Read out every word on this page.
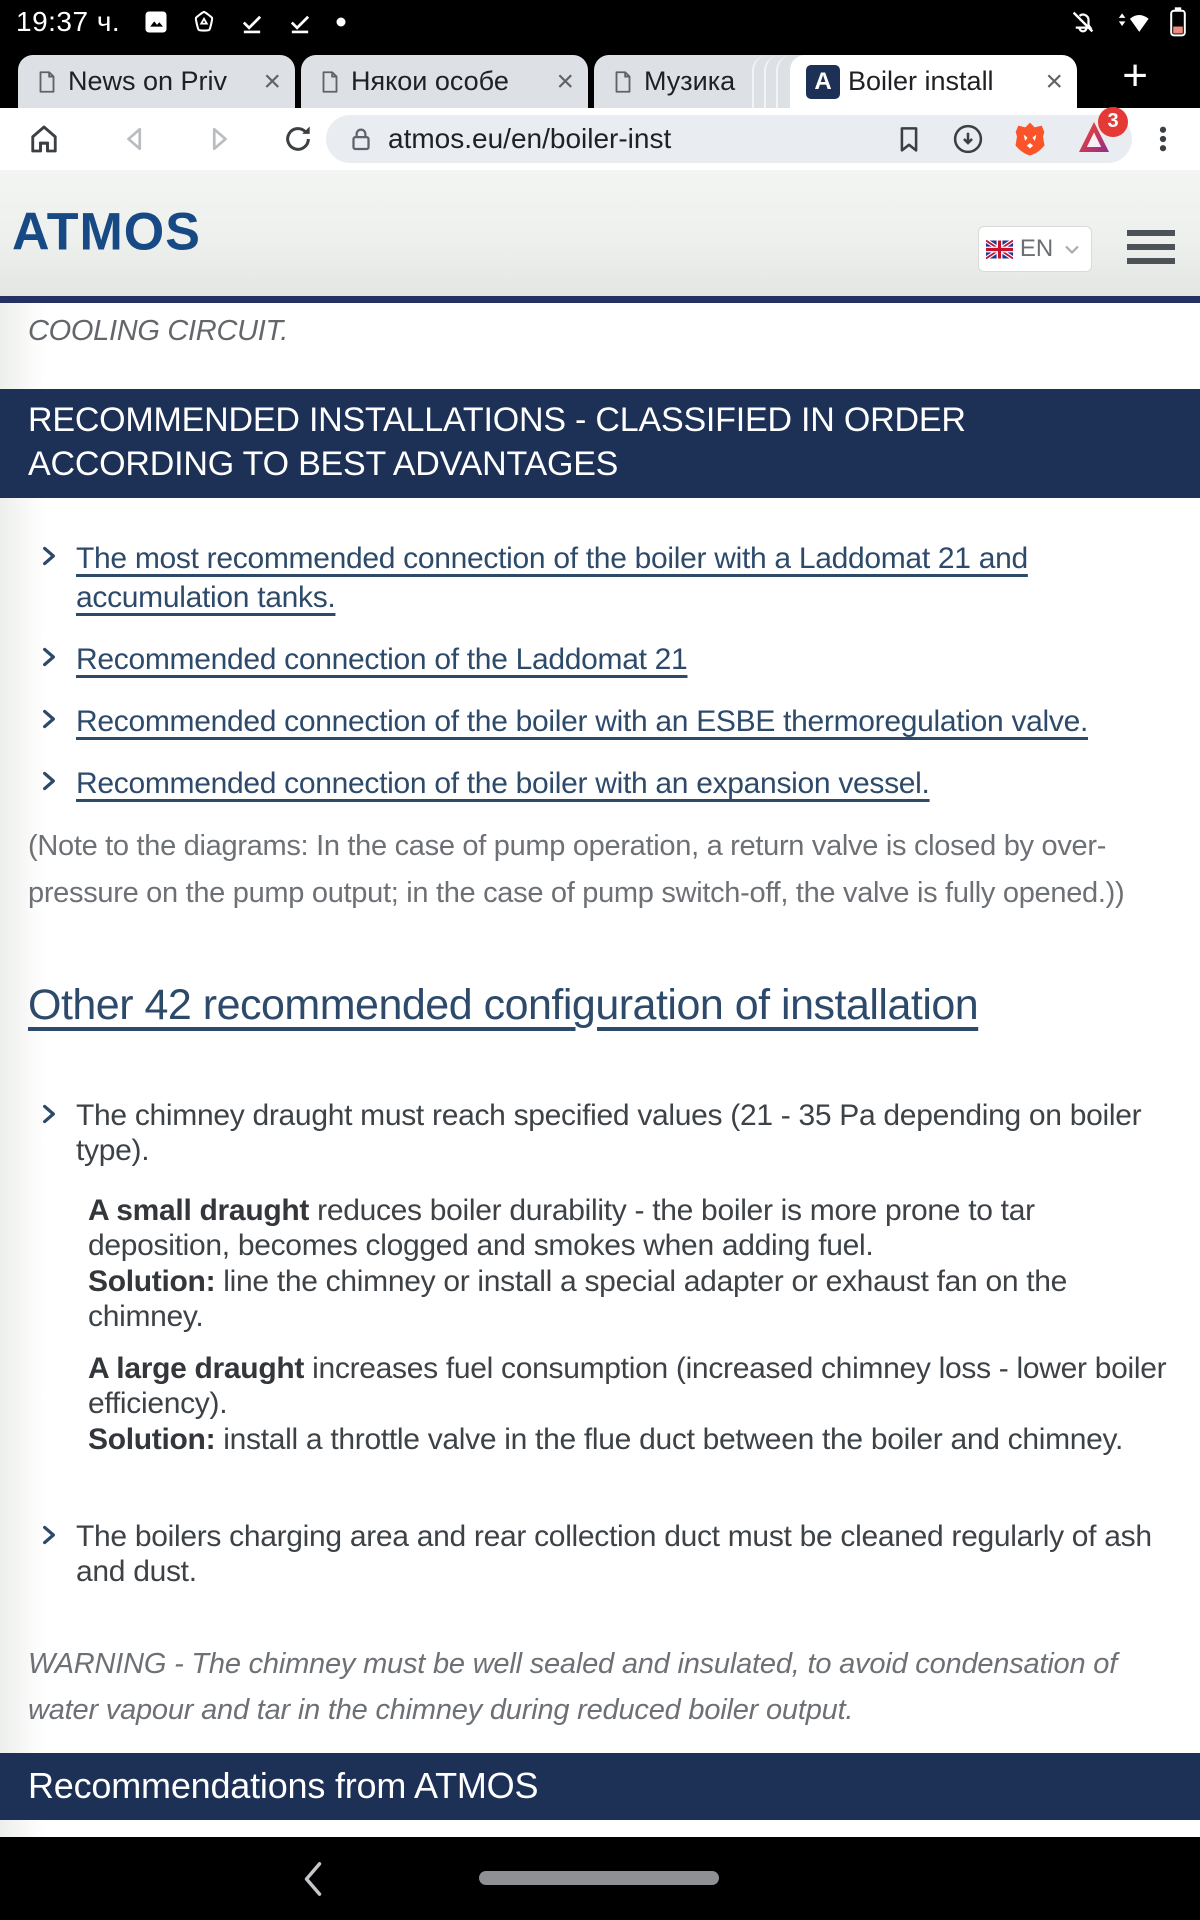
19:37 ч.
News on Priv	×	Някои особе	×	Музика	A Boiler install	× +
atmos.eu/en/boiler-inst
3
ATMOS	EN
COOLING CIRCUIT.
RECOMMENDED INSTALLATIONS - CLASSIFIED IN ORDER
ACCORDING TO BEST ADVANTAGES
The most recommended connection of the boiler with a Laddomat 21 and accumulation tanks.
Recommended connection of the Laddomat 21
Recommended connection of the boiler with an ESBE thermoregulation valve.
Recommended connection of the boiler with an expansion vessel.
(Note to the diagrams: In the case of pump operation, a return valve is closed by over-pressure on the pump output; in the case of pump switch-off, the valve is fully opened.))
Other 42 recommended configuration of installation
The chimney draught must reach specified values (21 - 35 Pa depending on boiler type).
A small draught reduces boiler durability - the boiler is more prone to tar deposition, becomes clogged and smokes when adding fuel.
Solution: line the chimney or install a special adapter or exhaust fan on the chimney.
A large draught increases fuel consumption (increased chimney loss - lower boiler efficiency).
Solution: install a throttle valve in the flue duct between the boiler and chimney.
The boilers charging area and rear collection duct must be cleaned regularly of ash and dust.
WARNING - The chimney must be well sealed and insulated, to avoid condensation of water vapour and tar in the chimney during reduced boiler output.
Recommendations from ATMOS
